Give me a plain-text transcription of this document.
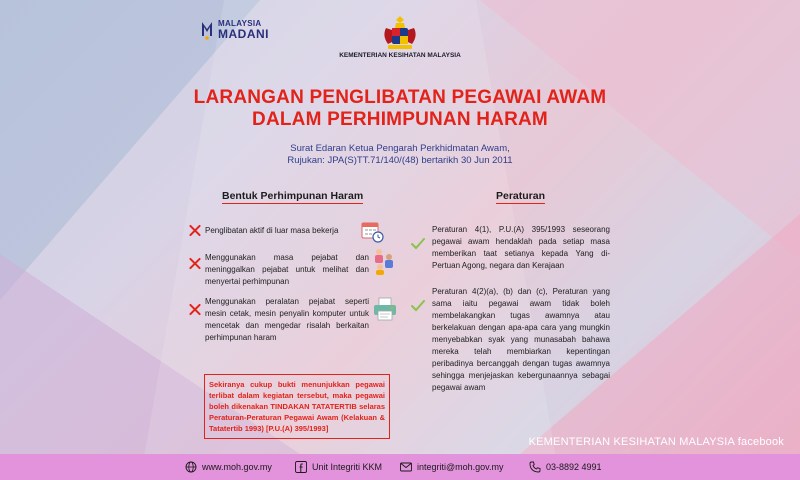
MALAYSIA
MADANI
KEMENTERIAN KESIHATAN MALAYSIA
LARANGAN PENGLIBATAN PEGAWAI AWAM
DALAM PERHIMPUNAN HARAM
Surat Edaran Ketua Pengarah Perkhidmatan Awam,
Rujukan: JPA(S)TT.71/140/(48) bertarikh 30 Jun 2011
Bentuk Perhimpunan Haram	Peraturan
Penglibatan aktif di luar masa bekerja
Menggunakan masa pejabat dan meninggalkan pejabat untuk melihat dan menyertai perhimpunan
Menggunakan peralatan pejabat seperti mesin cetak, mesin penyalin komputer untuk mencetak dan mengedar risalah berkaitan perhimpunan haram
Sekiranya cukup bukti menunjukkan pegawai terlibat dalam kegiatan tersebut, maka pegawai boleh dikenakan TINDAKAN TATATERTIB selaras Peraturan-Peraturan Pegawai Awam (Kelakuan & Tatatertib 1993) [P.U.(A) 395/1993]
Peraturan 4(1), P.U.(A) 395/1993 seseorang pegawai awam hendaklah pada setiap masa memberikan taat setianya kepada Yang di-Pertuan Agong, negara dan Kerajaan
Peraturan 4(2)(a), (b) dan (c), Peraturan yang sama iaitu pegawai awam tidak boleh membelakangkan tugas awamnya atau berkelakuan dengan apa-apa cara yang mungkin menyebabkan syak yang munasabah bahawa mereka telah membiarkan kepentingan peribadinya bercanggah dengan tugas awamnya sehingga menjejaskan kebergunaannya sebagai pegawai awam
KEMENTERIAN KESIHATAN MALAYSIA facebook
www.moh.gov.my	Unit Integriti KKM	integriti@moh.gov.my	03-8892 4991
